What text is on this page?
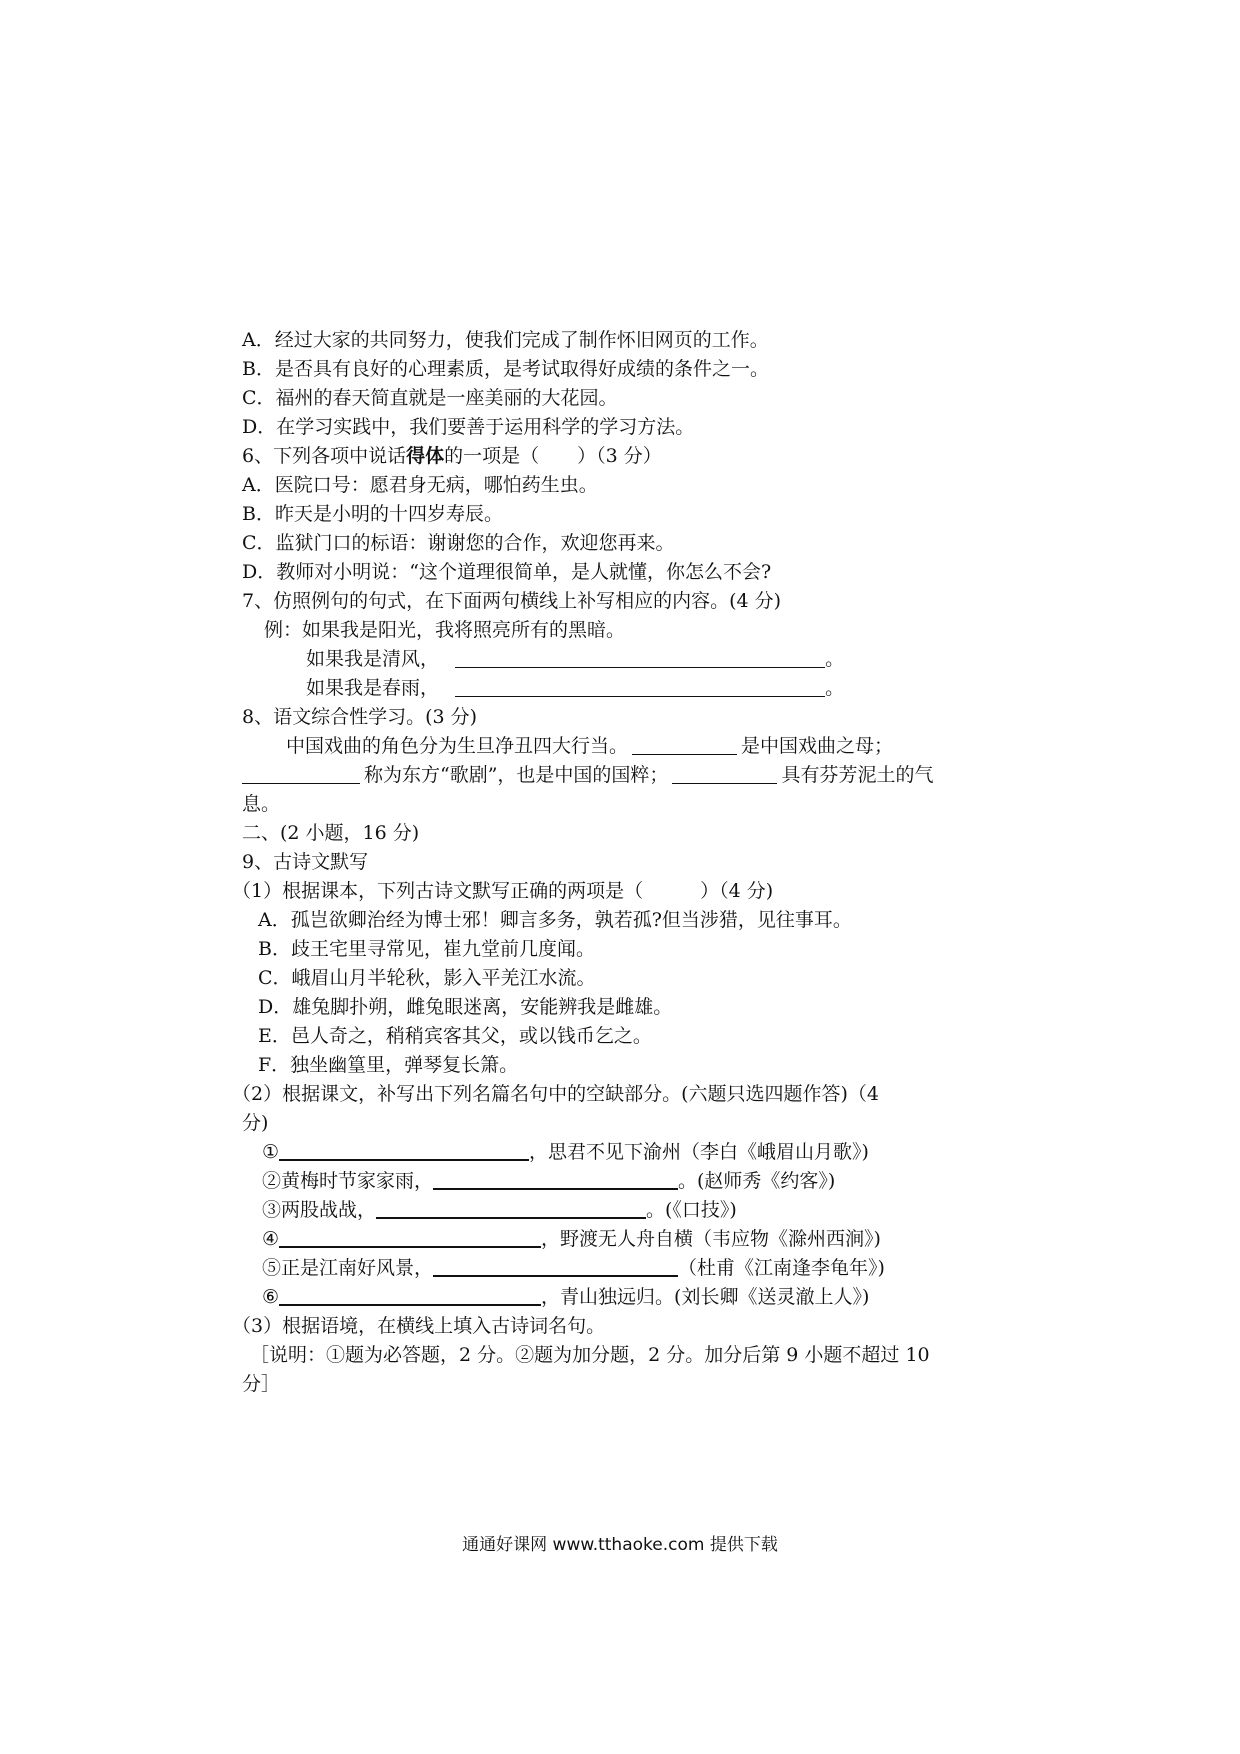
A．经过大家的共同努力，使我们完成了制作怀旧网页的工作。
B．是否具有良好的心理素质，是考试取得好成绩的条件之一。
C．福州的春天简直就是一座美丽的大花园。
D．在学习实践中，我们要善于运用科学的学习方法。
6、下列各项中说话得体的一项是（　　）（3 分）
A．医院口号：愿君身无病，哪怕药生虫。
B．昨天是小明的十四岁寿辰。
C．监狱门口的标语：谢谢您的合作，欢迎您再来。
D．教师对小明说：“这个道理很简单，是人就懂，你怎么不会?
7、仿照例句的句式，在下面两句横线上补写相应的内容。(4 分)
例：如果我是阳光，我将照亮所有的黑暗。
如果我是清风，	。
如果我是春雨，	。
8、语文综合性学习。(3 分)
中国戏曲的角色分为生旦净丑四大行当。	是中国戏曲之母；
称为东方“歌剧”，也是中国的国粹；	具有芬芳泥土的气
息。
二、(2 小题，16 分)
9、古诗文默写
（1）根据课本，下列古诗文默写正确的两项是（　　　）（4 分)
A．孤岂欲卿治经为博士邪！卿言多务，孰若孤?但当涉猎，见往事耳。
B．歧王宅里寻常见，崔九堂前几度闻。
C．峨眉山月半轮秋，影入平羌江水流。
D．雄兔脚扑朔，雌兔眼迷离，安能辨我是雌雄。
E．邑人奇之，稍稍宾客其父，或以钱币乞之。
F．独坐幽篁里，弹琴复长箫。
（2）根据课文，补写出下列名篇名句中的空缺部分。(六题只选四题作答)（4
分)
①	，思君不见下渝州（李白《峨眉山月歌》)
②黄梅时节家家雨，	。(赵师秀《约客》)
③两股战战，	。(《口技》)
④	，野渡无人舟自横（韦应物《滁州西涧》)
⑤正是江南好风景，	（杜甫《江南逢李龟年》)
⑥	，青山独远归。(刘长卿《送灵澈上人》)
（3）根据语境，在横线上填入古诗词名句。
［说明：①题为必答题，2 分。②题为加分题，2 分。加分后第 9 小题不超过 10
分］
通通好课网 www.tthaoke.com 提供下载
